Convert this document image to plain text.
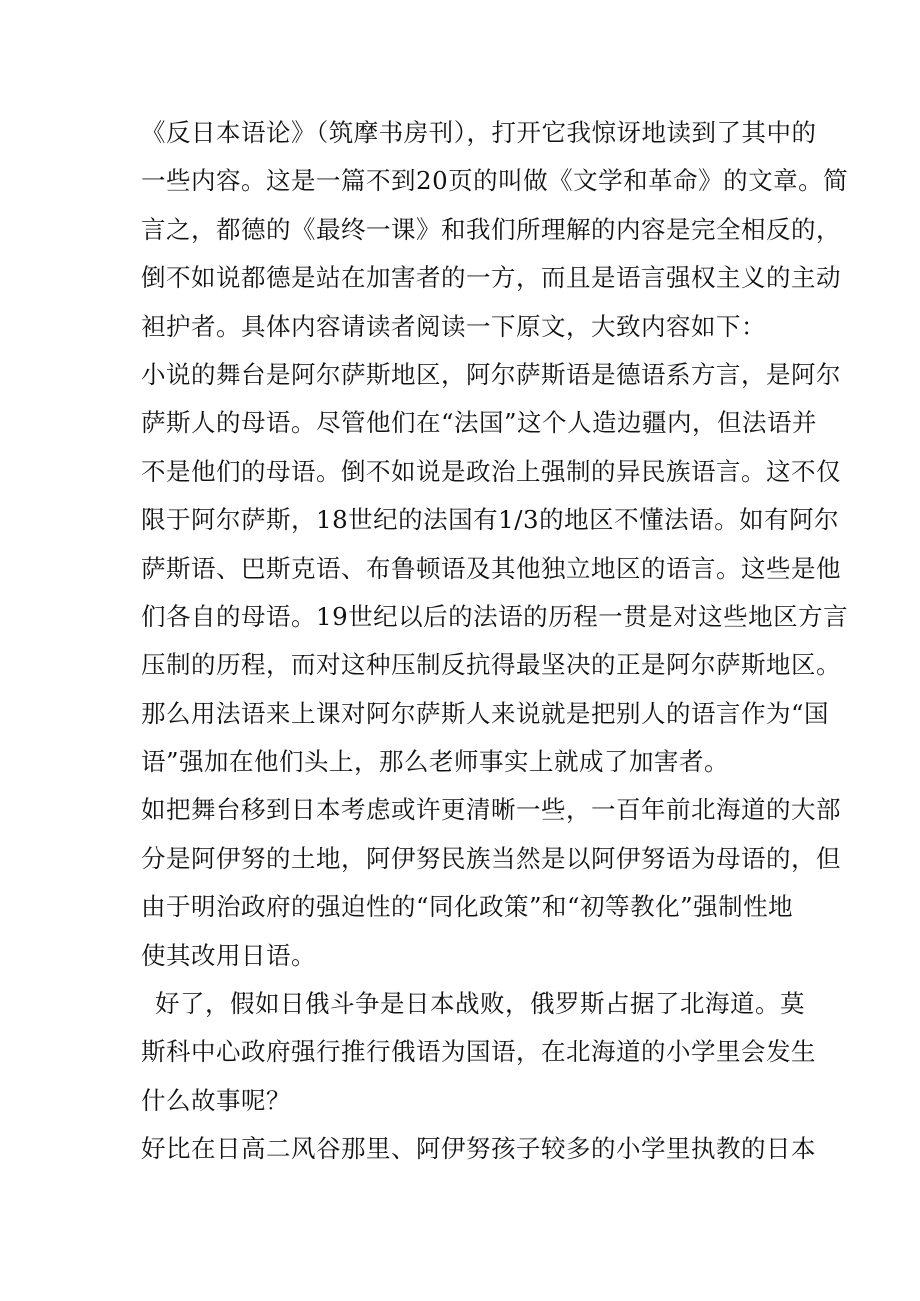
《反日本语论》（筑摩书房刊），打开它我惊讶地读到了其中的
一些内容。这是一篇不到20页的叫做《文学和革命》的文章。简
言之，都德的《最终一课》和我们所理解的内容是完全相反的，
倒不如说都德是站在加害者的一方，而且是语言强权主义的主动
袒护者。具体内容请读者阅读一下原文，大致内容如下：
小说的舞台是阿尔萨斯地区，阿尔萨斯语是德语系方言，是阿尔
萨斯人的母语。尽管他们在“法国”这个人造边疆内，但法语并
不是他们的母语。倒不如说是政治上强制的异民族语言。这不仅
限于阿尔萨斯，18世纪的法国有1/3的地区不懂法语。如有阿尔
萨斯语、巴斯克语、布鲁顿语及其他独立地区的语言。这些是他
们各自的母语。19世纪以后的法语的历程一贯是对这些地区方言
压制的历程，而对这种压制反抗得最坚决的正是阿尔萨斯地区。
那么用法语来上课对阿尔萨斯人来说就是把别人的语言作为“国
语”强加在他们头上，那么老师事实上就成了加害者。
如把舞台移到日本考虑或许更清晰一些，一百年前北海道的大部
分是阿伊努的土地，阿伊努民族当然是以阿伊努语为母语的，但
由于明治政府的强迫性的“同化政策”和“初等教化”强制性地
使其改用日语。
好了，假如日俄斗争是日本战败，俄罗斯占据了北海道。莫
斯科中心政府强行推行俄语为国语，在北海道的小学里会发生
什么故事呢？
好比在日高二风谷那里、阿伊努孩子较多的小学里执教的日本
